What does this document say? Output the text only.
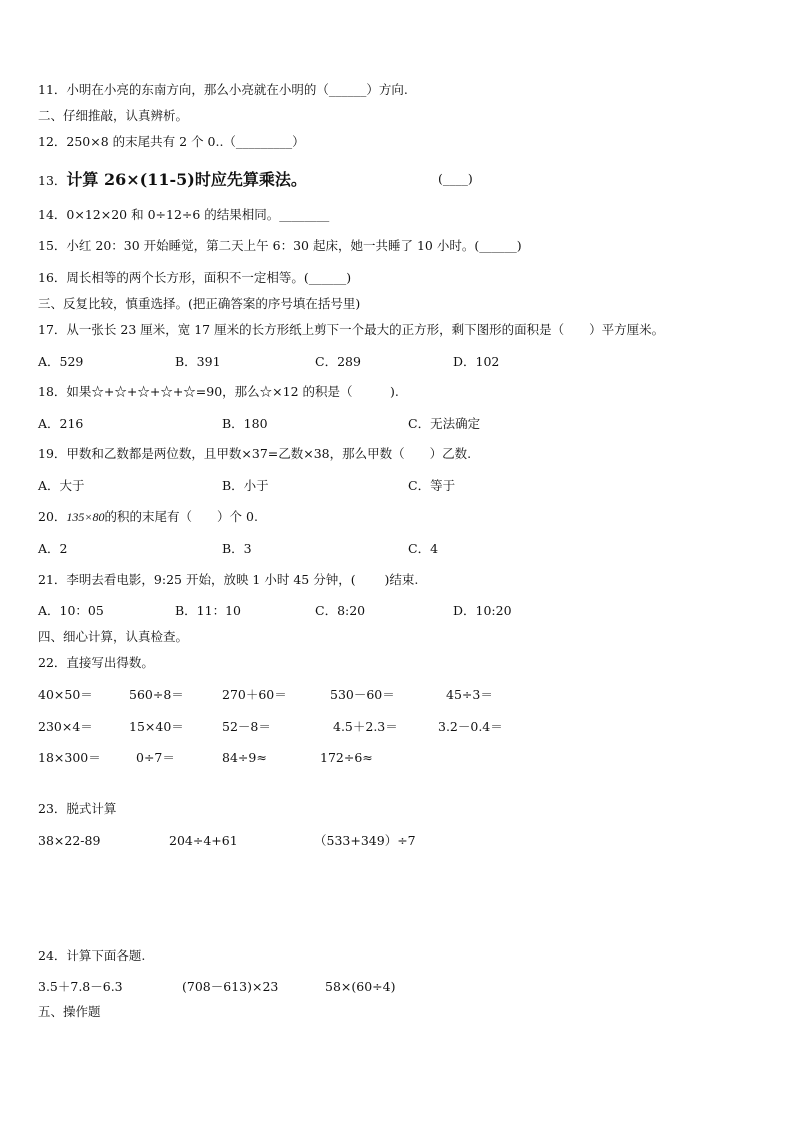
11．小明在小亮的东南方向，那么小亮就在小明的（______）方向.
二、仔细推敲，认真辨析。
12．250×8 的末尾共有 2 个 0..（_________）
13．计算 26×(11-5)时应先算乘法。	(____)
14．0×12×20 和 0÷12÷6 的结果相同。________
15．小红 20：30 开始睡觉，第二天上午 6：30 起床，她一共睡了 10 小时。(______)
16．周长相等的两个长方形，面积不一定相等。(______)
三、反复比较，慎重选择。(把正确答案的序号填在括号里)
17．从一张长 23 厘米，宽 17 厘米的长方形纸上剪下一个最大的正方形，剩下图形的面积是（　　）平方厘米。
A．529	B．391	C．289	D．102
18．如果☆+☆+☆+☆+☆=90，那么☆×12 的积是（　　　).
A．216	B．180	C．无法确定
19．甲数和乙数都是两位数，且甲数×37=乙数×38，那么甲数（　　）乙数.
A．大于	B．小于	C．等于
20．135×80的积的末尾有（　　）个 0.
A．2	B．3	C．4
21．李明去看电影，9:25 开始，放映 1 小时 45 分钟，(　　 )结束.
A．10：05	B．11：10	C．8:20	D．10:20
四、细心计算，认真检查。
22．直接写出得数。
40×50＝	560÷8＝	270＋60＝	530－60＝	45÷3＝
230×4＝	15×40＝	52－8＝	4.5＋2.3＝	3.2－0.4＝
18×300＝	0÷7＝	84÷9≈	172÷6≈
23．脱式计算
38×22-89	204÷4+61	（533+349）÷7
24．计算下面各题.
3.5＋7.8－6.3	(708－613)×23	58×(60÷4)
五、操作题
